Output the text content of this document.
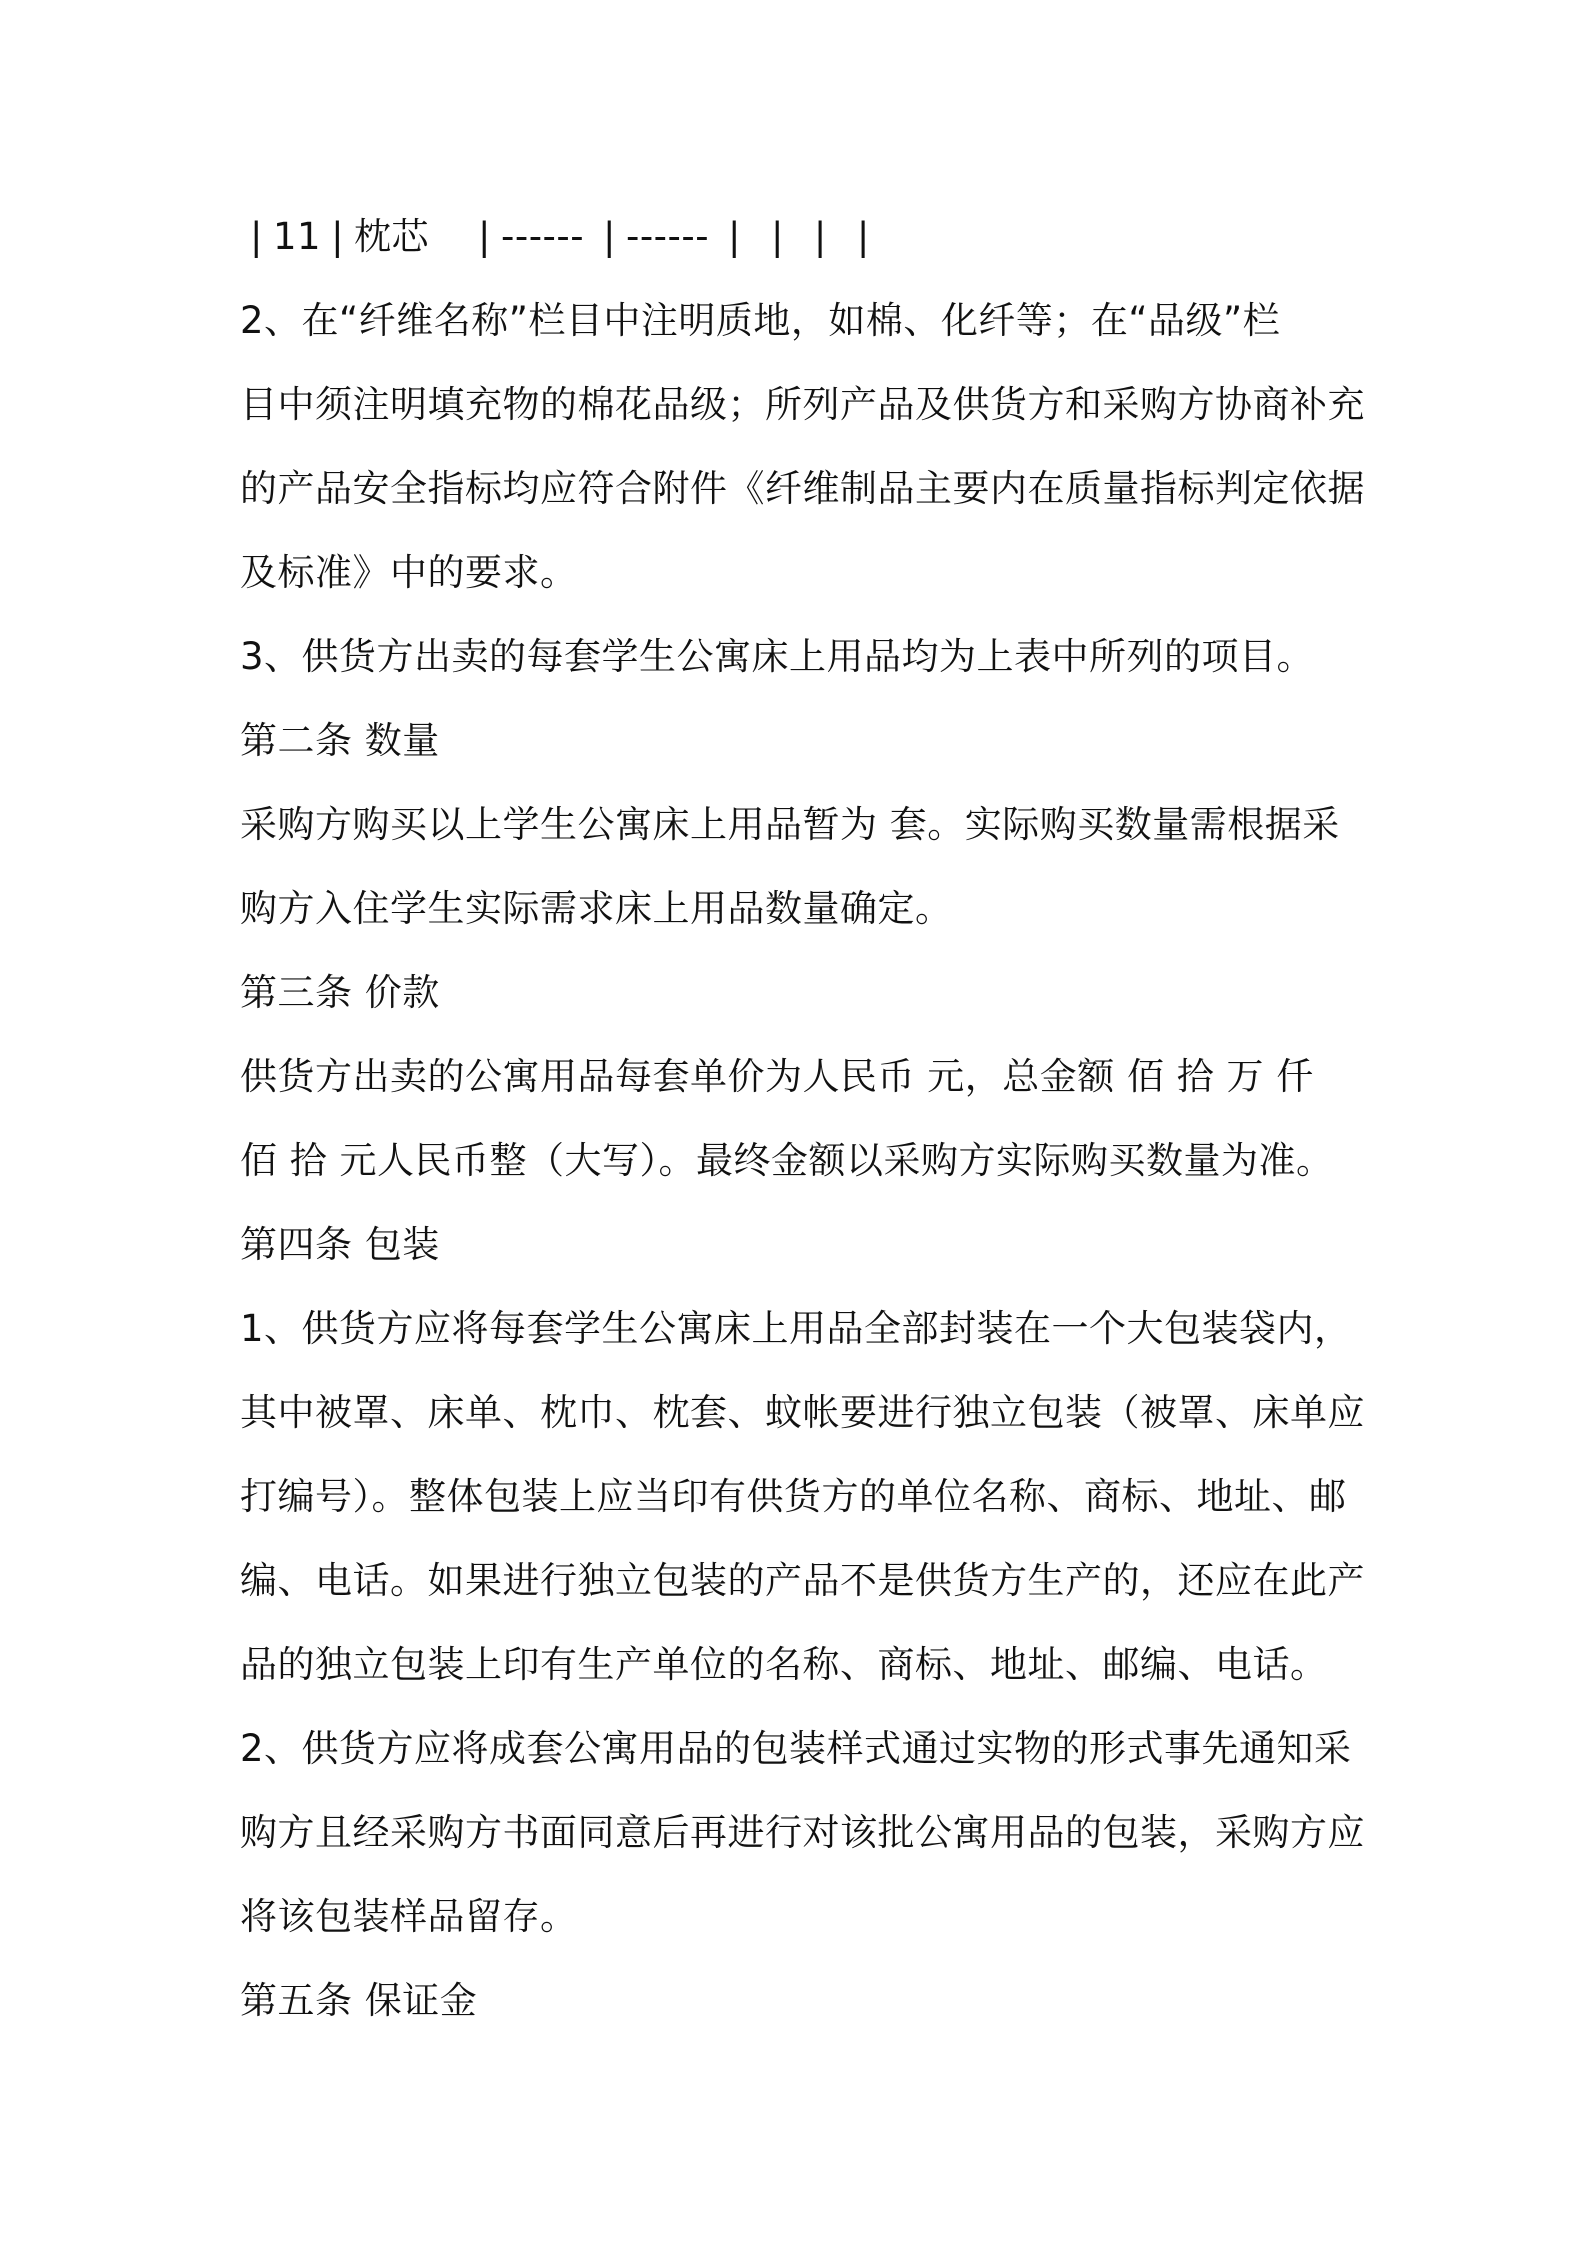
| 11 | 枕芯	| ------ | ------ | | | |
2、在“纤维名称”栏目中注明质地，如棉、化纤等；在“品级”栏
目中须注明填充物的棉花品级；所列产品及供货方和采购方协商补充
的产品安全指标均应符合附件《纤维制品主要内在质量指标判定依据
及标准》中的要求。
3、供货方出卖的每套学生公寓床上用品均为上表中所列的项目。
第二条 数量
采购方购买以上学生公寓床上用品暂为 套。实际购买数量需根据采
购方入住学生实际需求床上用品数量确定。
第三条 价款
供货方出卖的公寓用品每套单价为人民币 元，总金额 佰 拾 万 仟
佰 拾 元人民币整（大写）。最终金额以采购方实际购买数量为准。
第四条 包装
1、供货方应将每套学生公寓床上用品全部封装在一个大包装袋内，
其中被罩、床单、枕巾、枕套、蚊帐要进行独立包装（被罩、床单应
打编号）。整体包装上应当印有供货方的单位名称、商标、地址、邮
编、电话。如果进行独立包装的产品不是供货方生产的，还应在此产
品的独立包装上印有生产单位的名称、商标、地址、邮编、电话。
2、供货方应将成套公寓用品的包装样式通过实物的形式事先通知采
购方且经采购方书面同意后再进行对该批公寓用品的包装，采购方应
将该包装样品留存。
第五条 保证金
